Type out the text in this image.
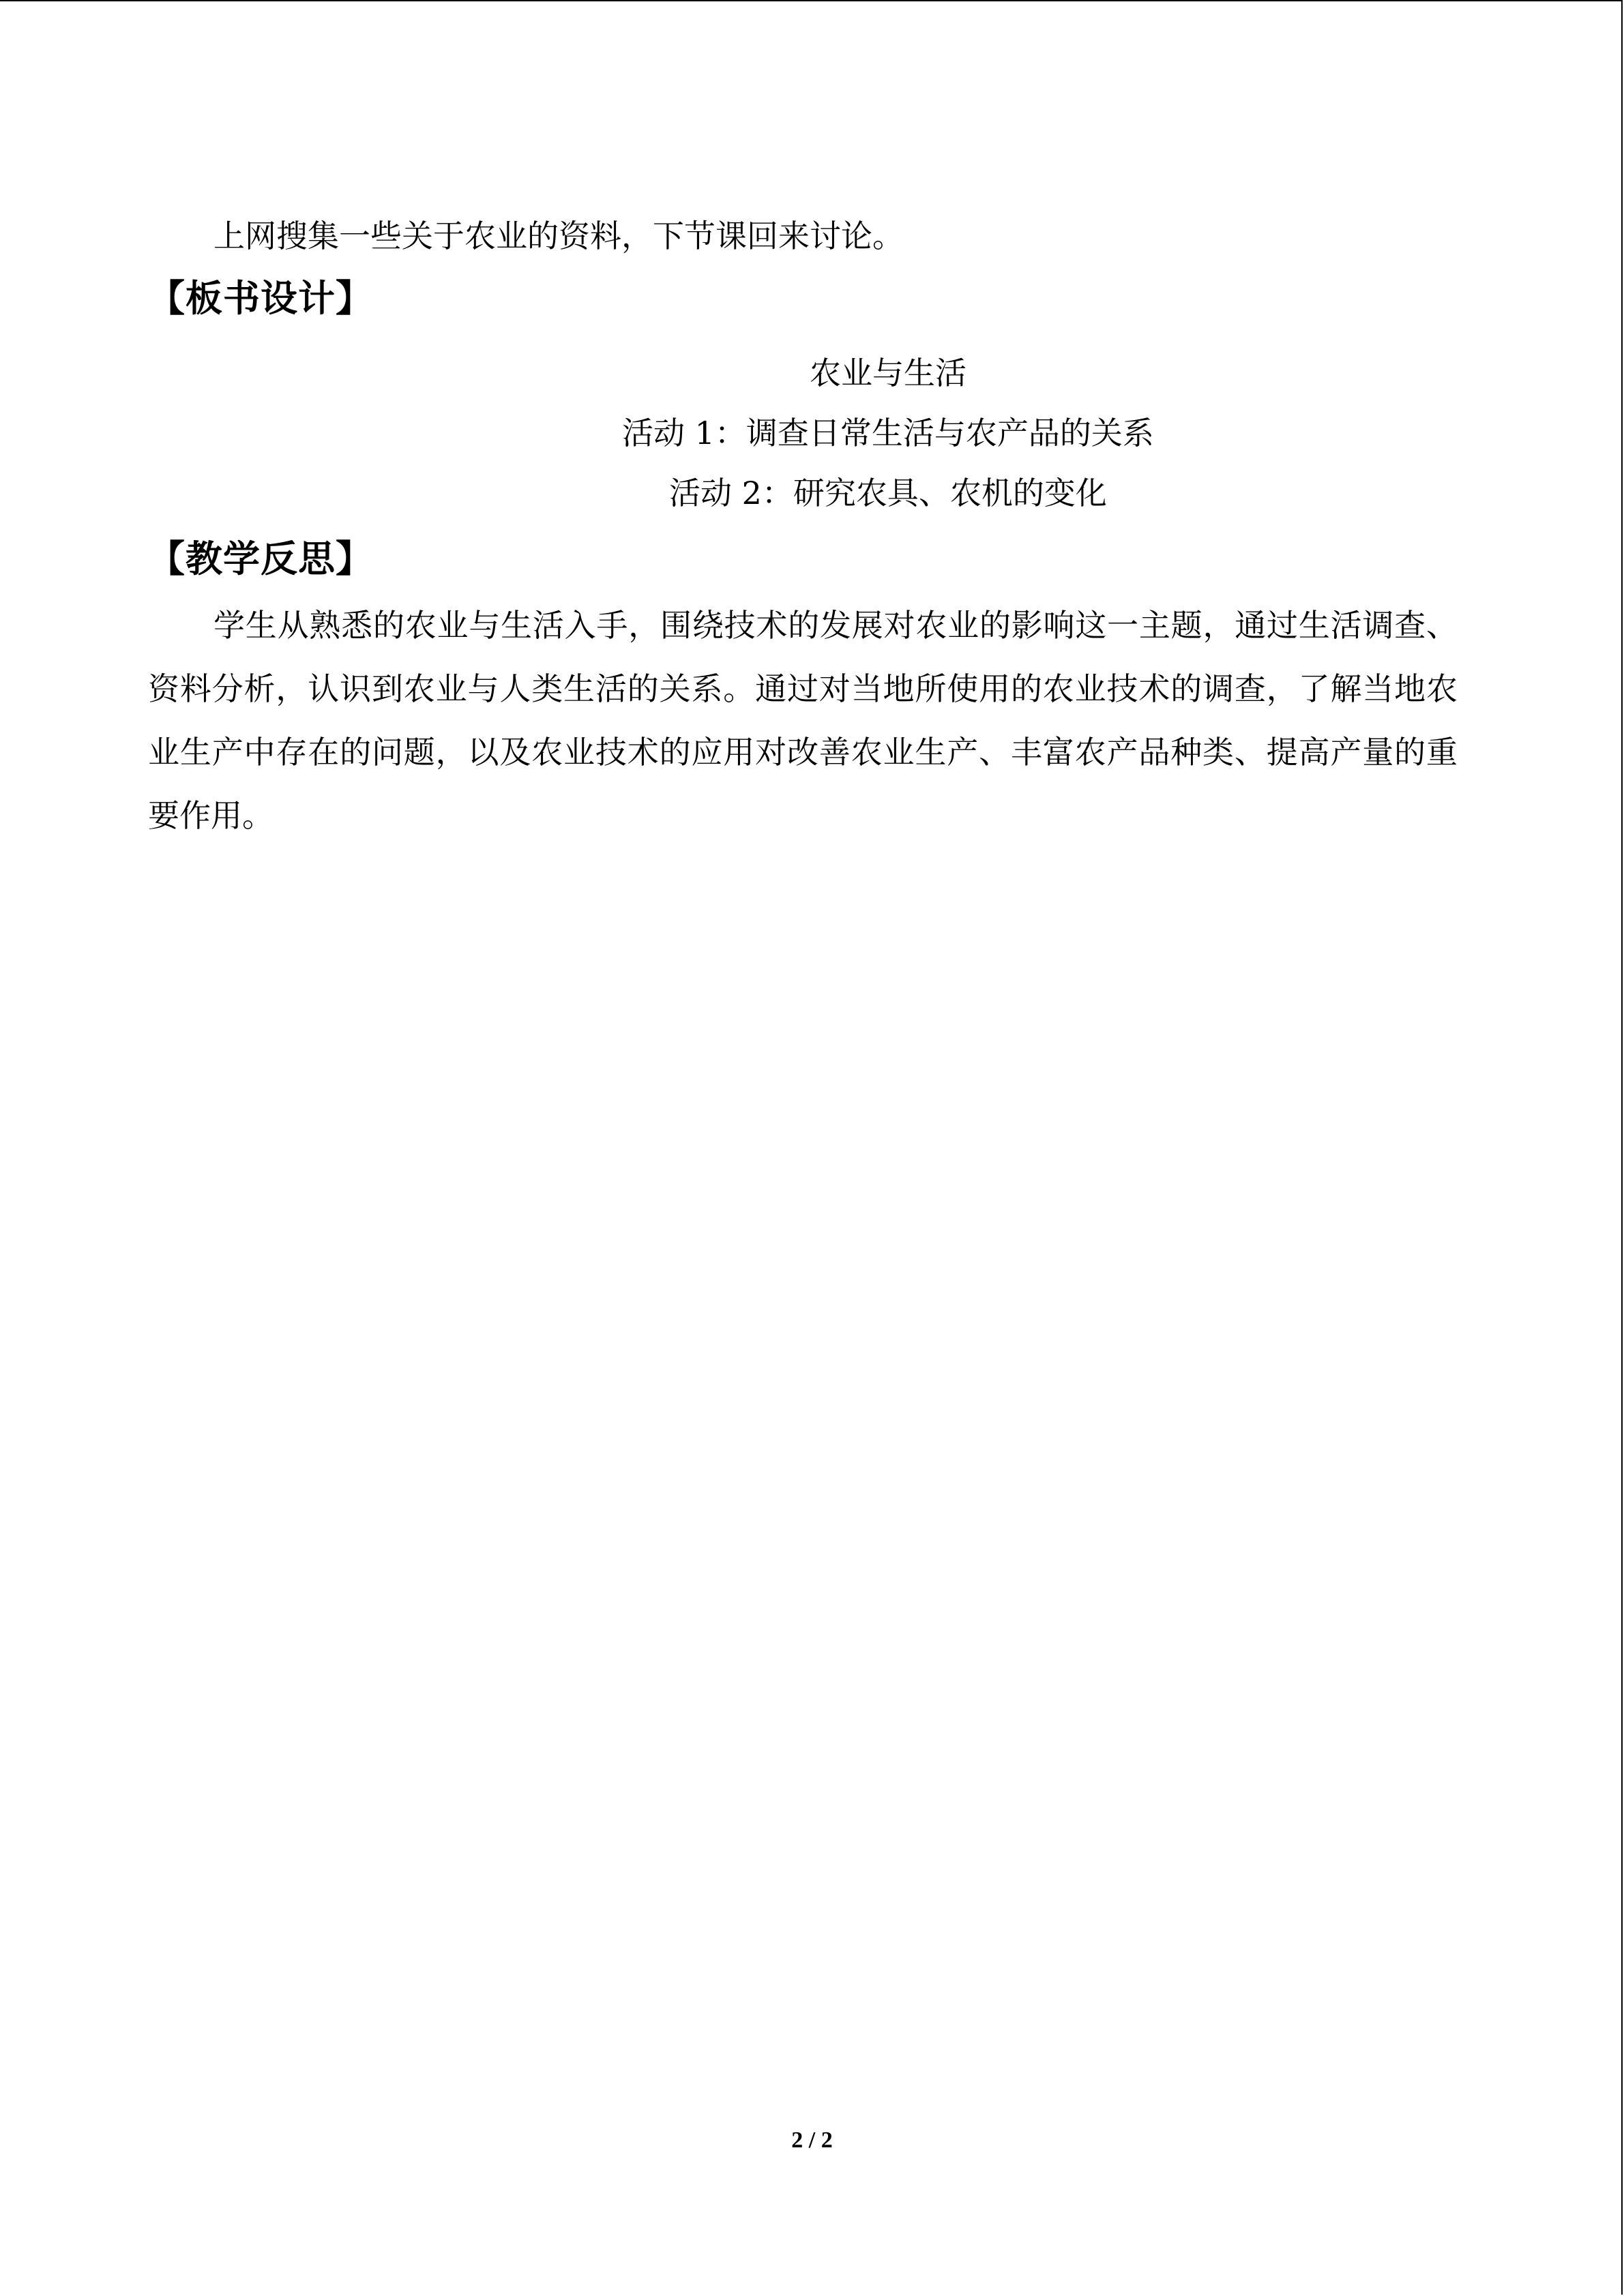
上网搜集一些关于农业的资料，下节课回来讨论。

【板书设计】

农业与生活

活动 1：调查日常生活与农产品的关系

活动 2：研究农具、农机的变化

【教学反思】

学生从熟悉的农业与生活入手，围绕技术的发展对农业的影响这一主题，通过生活调查、资料分析，认识到农业与人类生活的关系。通过对当地所使用的农业技术的调查，了解当地农业生产中存在的问题，以及农业技术的应用对改善农业生产、丰富农产品种类、提高产量的重要作用。

2 / 2
